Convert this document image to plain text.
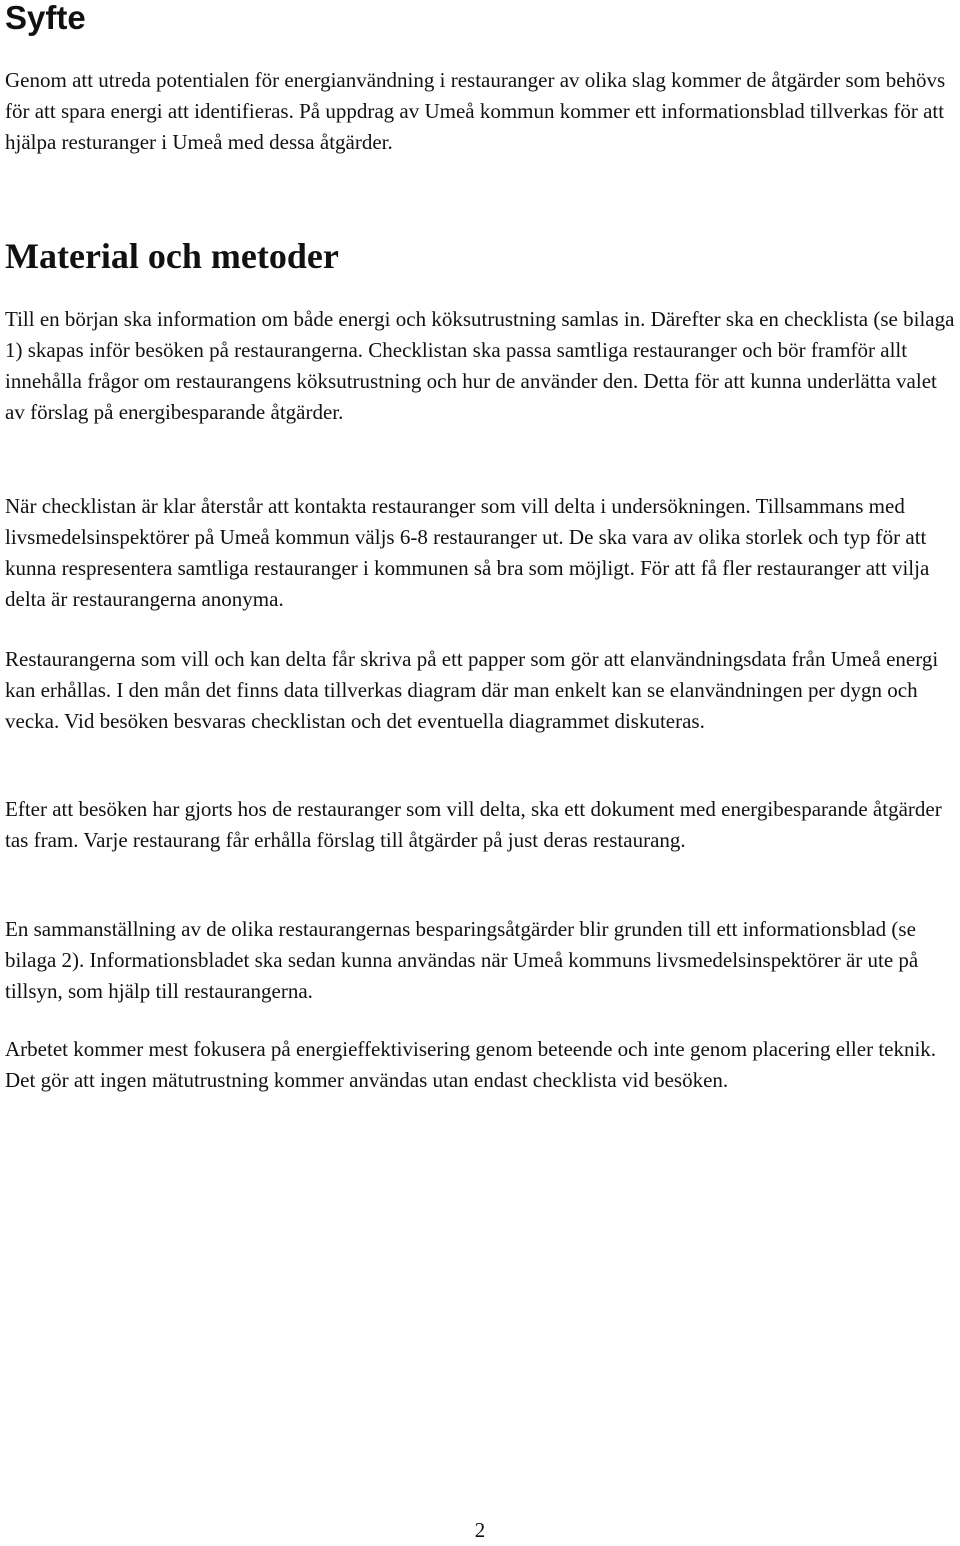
Syfte

Genom att utreda potentialen för energianvändning i restauranger av olika slag kommer de åtgärder som behövs för att spara energi att identifieras. På uppdrag av Umeå kommun kommer ett informationsblad tillverkas för att hjälpa resturanger i Umeå med dessa åtgärder.

Material och metoder

Till en början ska information om både energi och köksutrustning samlas in. Därefter ska en checklista (se bilaga 1) skapas inför besöken på restaurangerna. Checklistan ska passa samtliga restauranger och bör framför allt innehålla frågor om restaurangens köksutrustning och hur de använder den. Detta för att kunna underlätta valet av förslag på energibesparande åtgärder.

När checklistan är klar återstår att kontakta restauranger som vill delta i undersökningen. Tillsammans med livsmedelsinspektörer på Umeå kommun väljs 6-8 restauranger ut. De ska vara av olika storlek och typ för att kunna respresentera samtliga restauranger i kommunen så bra som möjligt. För att få fler restauranger att vilja delta är restaurangerna anonyma.

Restaurangerna som vill och kan delta får skriva på ett papper som gör att elanvändningsdata från Umeå energi kan erhållas. I den mån det finns data tillverkas diagram där man enkelt kan se elanvändningen per dygn och vecka. Vid besöken besvaras checklistan och det eventuella diagrammet diskuteras.

Efter att besöken har gjorts hos de restauranger som vill delta, ska ett dokument med energibesparande åtgärder tas fram. Varje restaurang får erhålla förslag till åtgärder på just deras restaurang.

En sammanställning av de olika restaurangernas besparingsåtgärder blir grunden till ett informationsblad (se bilaga 2). Informationsbladet ska sedan kunna användas när Umeå kommuns livsmedelsinspektörer är ute på tillsyn, som hjälp till restaurangerna.

Arbetet kommer mest fokusera på energieffektivisering genom beteende och inte genom placering eller teknik. Det gör att ingen mätutrustning kommer användas utan endast checklista vid besöken.

2
